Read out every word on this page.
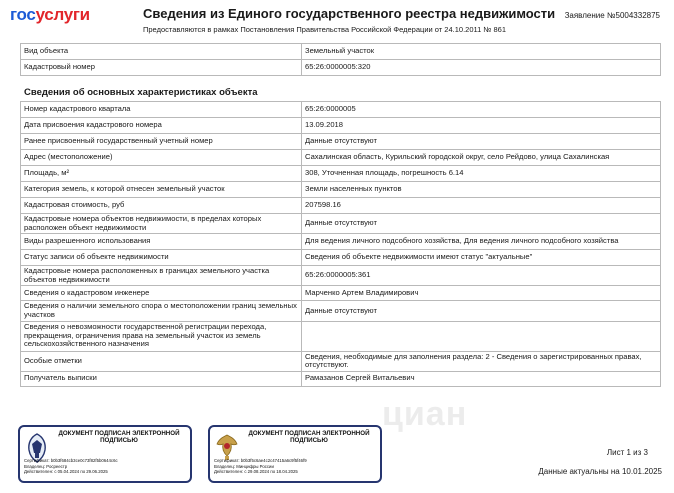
госуслуги	Сведения из Единого государственного реестра недвижимости
Предоставляются в рамках Постановления Правительства Российской Федерации от 24.10.2011 № 861
Заявление №5004332875
Вид объекта	Земельный участок
Кадастровый номер	65:26:0000005:320
Сведения об основных характеристиках объекта
Номер кадастрового квартала	65:26:0000005
Дата присвоения кадастрового номера	13.09.2018
Ранее присвоенный государственный учетный номер	Данные отсутствуют
Адрес (местоположение)	Сахалинская область, Курильский городской округ, село Рейдово, улица Сахалинская
Площадь, м²	308, Уточненная площадь, погрешность 6.14
Категория земель, к которой отнесен земельный участок	Земли населенных пунктов
Кадастровая стоимость, руб	207598.16
Кадастровые номера объектов недвижимости, в пределах которых расположен объект недвижимости	Данные отсутствуют
Виды разрешенного использования	Для ведения личного подсобного хозяйства, Для ведения личного подсобного хозяйства
Статус записи об объекте недвижимости	Сведения об объекте недвижимости имеют статус "актуальные"
Кадастровые номера расположенных в границах земельного участка объектов недвижимости	65:26:0000005:361
Сведения о кадастровом инженере	Марченко Артем Владимирович
Сведения о наличии земельного спора о местоположении границ земельных участков	Данные отсутствуют
Сведения о невозможности государственной регистрации перехода, прекращения, ограничения права на земельный участок из земель сельскохозяйственного назначения	
Особые отметки	Сведения, необходимые для заполнения раздела: 2 - Сведения о зарегистрированных правах, отсутствуют.
Получатель выписки	Рамазанов Сергей Витальевич
циан
ДОКУМЕНТ ПОДПИСАН ЭЛЕКТРОННОЙ ПОДПИСЬЮ
Сертификат: b0b3f684cb3ce0c73f82f5b0644c6c
Владелец: Росреестр
Действителен: с 05.04.2024 по 29.06.2025
ДОКУМЕНТ ПОДПИСАН ЭЛЕКТРОННОЙ ПОДПИСЬЮ
Сертификат: b0b3f5c6ae4c2c47415a6c9f5f46f9
Владелец: Минцифры России
Действителен: с 29.08.2024 по 18.04.2025
Лист 1 из 3
Данные актуальны на 10.01.2025
